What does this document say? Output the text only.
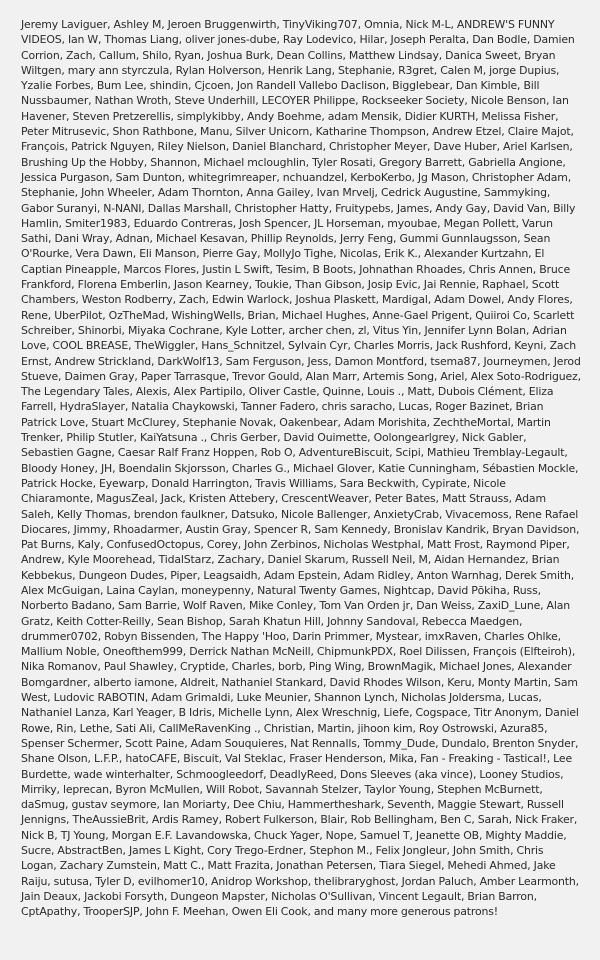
Jeremy Laviguer, Ashley M, Jeroen Bruggenwirth, TinyViking707, Omnia, Nick M-L, ANDREW'S FUNNY VIDEOS, Ian W, Thomas Liang, oliver jones-dube, Ray Lodevico, Hilar, Joseph Peralta, Dan Bodle, Damien Corrion, Zach, Callum, Shilo, Ryan, Joshua Burk, Dean Collins, Matthew Lindsay, Danica Sweet, Bryan Wiltgen, mary ann styrczula, Rylan Holverson, Henrik Lang, Stephanie, R3gret, Calen M, jorge Dupius, Yzalie Forbes, Bum Lee, shindin, Cjcoen, Jon Randell Vallebo Daclison, Bigglebear, Dan Kimble, Bill Nussbaumer, Nathan Wroth, Steve Underhill, LECOYER Philippe, Rockseeker Society, Nicole Benson, Ian Havener, Steven Pretzerellis, simplykibby, Andy Boehme, adam Mensik, Didier KURTH, Melissa Fisher, Peter Mitrusevic, Shon Rathbone, Manu, Silver Unicorn, Katharine Thompson, Andrew Etzel, Claire Majot, François, Patrick Nguyen, Riley Nielson, Daniel Blanchard, Christopher Meyer, Dave Huber, Ariel Karlsen, Brushing Up the Hobby, Shannon, Michael mcloughlin, Tyler Rosati, Gregory Barrett, Gabriella Angione, Jessica Purgason, Sam Dunton, whitegrimreaper, nchuandzel, KerboKerbo, Jg Mason, Christopher Adam, Stephanie, John Wheeler, Adam Thornton, Anna Gailey, Ivan Mrvelj, Cedrick Augustine, Sammyking, Gabor Suranyi, N-NANI, Dallas Marshall, Christopher Hatty, Fruitypebs, James, Andy Gay, David Van, Billy Hamlin, Smiter1983, Eduardo Contreras, Josh Spencer, JL Horseman, myoubae, Megan Pollett, Varun Sathi, Dani Wray, Adnan, Michael Kesavan, Phillip Reynolds, Jerry Feng, Gummi Gunnlaugsson, Sean O'Rourke, Vera Dawn, Eli Manson, Pierre Gay, MollyJo Tighe, Nicolas, Erik K., Alexander Kurtzahn, El Captian Pineapple, Marcos Flores, Justin L Swift, Tesim, B Boots, Johnathan Rhoades, Chris Annen, Bruce Frankford, Florena Emberlin, Jason Kearney, Toukie, Than Gibson, Josip Evic, Jai Rennie, Raphael, Scott Chambers, Weston Rodberry, Zach, Edwin Warlock, Joshua Plaskett, Mardigal, Adam Dowel, Andy Flores, Rene, UberPilot, OzTheMad, WishingWells, Brian, Michael Hughes, Anne-Gael Prigent, Quiiroi Co, Scarlett Schreiber, Shinorbi, Miyaka Cochrane, Kyle Lotter, archer chen, zl, Vitus Yin, Jennifer Lynn Bolan, Adrian Love, COOL BREASE, TheWiggler, Hans_Schnitzel, Sylvain Cyr, Charles Morris, Jack Rushford, Keyni, Zach Ernst, Andrew Strickland, DarkWolf13, Sam Ferguson, Jess, Damon Montford, tsema87, Journeymen, Jerod Stueve, Daimen Gray, Paper Tarrasque, Trevor Gould, Alan Marr, Artemis Song, Ariel, Alex Soto-Rodriguez, The Legendary Tales, Alexis, Alex Partipilo, Oliver Castle, Quinne, Louis ., Matt, Dubois Clément, Eliza Farrell, HydraSlayer, Natalia Chaykowski, Tanner Fadero, chris saracho, Lucas, Roger Bazinet, Brian Patrick Love, Stuart McClurey, Stephanie Novak, Oakenbear, Adam Morishita, ZechtheMortal, Martin Trenker, Philip Stutler, KaiYatsuna ., Chris Gerber, David Ouimette, Oolongearlgrey, Nick Gabler, Sebastien Gagne, Caesar Ralf Franz Hoppen, Rob O, AdventureBiscuit, Scipi, Mathieu Tremblay-Legault, Bloody Honey, JH, Boendalin Skjorsson, Charles G., Michael Glover, Katie Cunningham, Sébastien Mockle, Patrick Hocke, Eyewarp, Donald Harrington, Travis Williams, Sara Beckwith, Cypirate, Nicole Chiaramonte, MagusZeal, Jack, Kristen Attebery, CrescentWeaver, Peter Bates, Matt Strauss, Adam Saleh, Kelly Thomas, brendon faulkner, Datsuko, Nicole Ballenger, AnxietyCrab, Vivacemoss, Rene Rafael Diocares, Jimmy, Rhoadarmer, Austin Gray, Spencer R, Sam Kennedy, Bronislav Kandrik, Bryan Davidson, Pat Burns, Kaly, ConfusedOctopus, Corey, John Zerbinos, Nicholas Westphal, Matt Frost, Raymond Piper, Andrew, Kyle Moorehead, TidalStarz, Zachary, Daniel Skarum, Russell Neil, M, Aidan Hernandez, Brian Kebbekus, Dungeon Dudes, Piper, Leagsaidh, Adam Epstein, Adam Ridley, Anton Warnhag, Derek Smith, Alex McGuigan, Laina Caylan, moneypenny, Natural Twenty Games, Nightcap, David Pōkiha, Russ, Norberto Badano, Sam Barrie, Wolf Raven, Mike Conley, Tom Van Orden jr, Dan Weiss, ZaxiD_Lune, Alan Gratz, Keith Cotter-Reilly, Sean Bishop, Sarah Khatun Hill, Johnny Sandoval, Rebecca Maedgen, drummer0702, Robyn Bissenden, The Happy 'Hoo, Darin Primmer, Mystear, imxRaven, Charles Ohlke, Mallium Noble, Oneofthem999, Derrick Nathan McNeill, ChipmunkPDX, Roel Dilissen, François (Elfteiroh), Nika Romanov, Paul Shawley, Cryptide, Charles, borb, Ping Wing, BrownMagik, Michael Jones, Alexander Bomgardner, alberto iamone, Aldreit, Nathaniel Stankard, David Rhodes Wilson, Keru, Monty Martin, Sam West, Ludovic RABOTIN, Adam Grimaldi, Luke Meunier, Shannon Lynch, Nicholas Joldersma, Lucas, Nathaniel Lanza, Karl Yeager, B Idris, Michelle Lynn, Alex Wreschnig, Liefe, Cogspace, Titr Anonym, Daniel Rowe, Rin, Lethe, Sati Ali, CallMeRavenKing ., Christian, Martin, jihoon kim, Roy Ostrowski, Azura85, Spenser Schermer, Scott Paine, Adam Souquieres, Nat Rennalls, Tommy_Dude, Dundalo, Brenton Snyder, Shane Olson, L.F.P., hatoCAFE, Biscuit, Val Steklac, Fraser Henderson, Mika, Fan - Freaking - Tastical!, Lee Burdette, wade winterhalter, Schmoogleedorf, DeadlyReed, Dons Sleeves (aka vince), Looney Studios, Mirriky, leprecan, Byron McMullen, Will Robot, Savannah Stelzer, Taylor Young, Stephen McBurnett, daSmug, gustav seymore, Ian Moriarty, Dee Chiu, Hammertheshark, Seventh, Maggie Stewart, Russell Jennigns, TheAussieBrit, Ardis Ramey, Robert Fulkerson, Blair, Rob Bellingham, Ben C, Sarah, Nick Fraker, Nick B, TJ Young, Morgan E.F. Lavandowska, Chuck Yager, Nope, Samuel T, Jeanette OB, Mighty Maddie, Sucre, AbstractBen, James L Kight, Cory Trego-Erdner, Stephon M., Felix Jongleur, John Smith, Chris Logan, Zachary Zumstein, Matt C., Matt Frazita, Jonathan Petersen, Tiara Siegel, Mehedi Ahmed, Jake Raiju, sutusa, Tyler D, evilhomer10, Anidrop Workshop, thelibraryghost, Jordan Paluch, Amber Learmonth, Jain Deaux, Jackobi Forsyth, Dungeon Mapster, Nicholas O'Sullivan, Vincent Legault, Brian Barron, CptApathy, TrooperSJP, John F. Meehan, Owen Eli Cook, and many more generous patrons!
